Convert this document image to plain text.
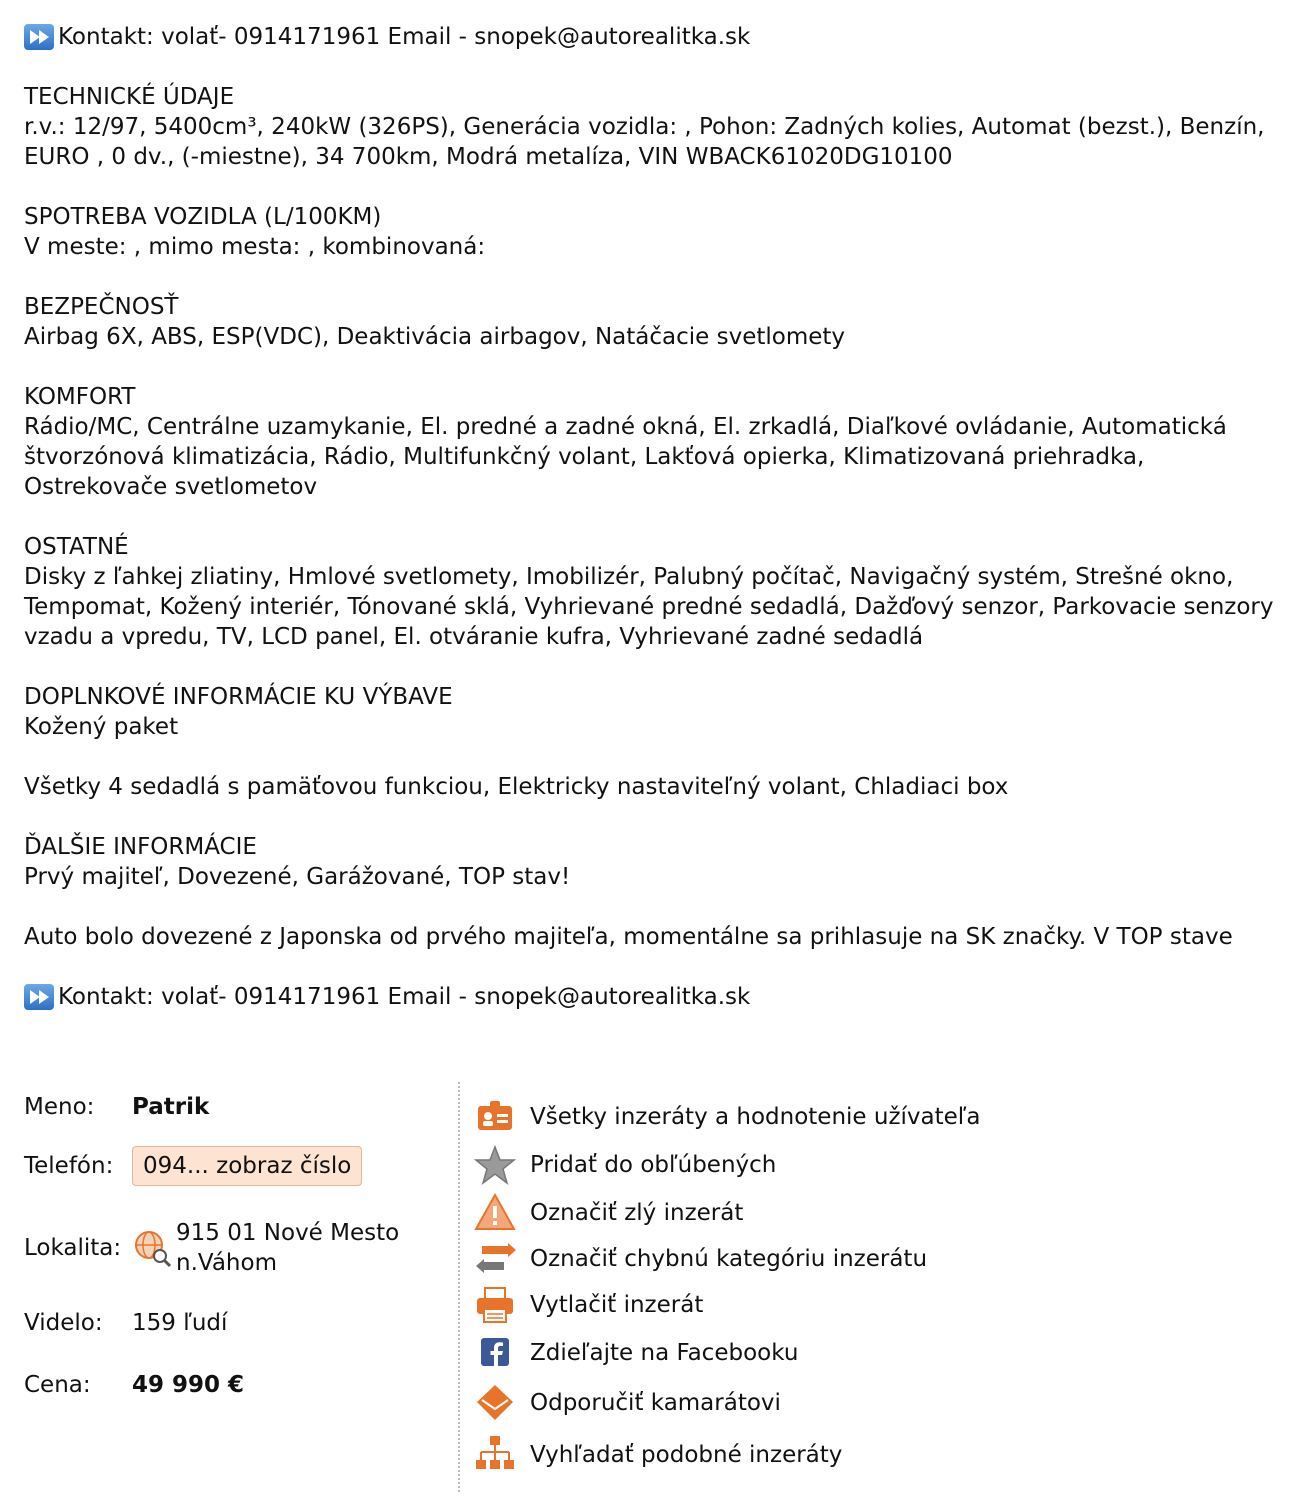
Kontakt: volať- 0914171961 Email - snopek@autorealitka.sk

TECHNICKÉ ÚDAJE

r.v.: 12/97, 5400cm³, 240kW (326PS), Generácia vozidla: , Pohon: Zadných kolies, Automat (bezst.), Benzín, EURO , 0 dv., (-miestne), 34 700km, Modrá metalíza, VIN WBACK61020DG10100

SPOTREBA VOZIDLA (L/100KM)

V meste: , mimo mesta: , kombinovaná:

BEZPEČNOSŤ

Airbag 6X, ABS, ESP(VDC), Deaktivácia airbagov, Natáčacie svetlomety

KOMFORT

Rádio/MC, Centrálne uzamykanie, El. predné a zadné okná, El. zrkadlá, Diaľkové ovládanie, Automatická štvorzónová klimatizácia, Rádio, Multifunkčný volant, Lakťová opierka, Klimatizovaná priehradka, Ostrekovače svetlometov

OSTATNÉ

Disky z ľahkej zliatiny, Hmlové svetlomety, Imobilizér, Palubný počítač, Navigačný systém, Strešné okno, Tempomat, Kožený interiér, Tónované sklá, Vyhrievané predné sedadlá, Dažďový senzor, Parkovacie senzory vzadu a vpredu, TV, LCD panel, El. otváranie kufra, Vyhrievané zadné sedadlá

DOPLNKOVÉ INFORMÁCIE KU VÝBAVE

Kožený paket

Všetky 4 sedadlá s pamäťovou funkciou, Elektricky nastaviteľný volant, Chladiaci box

ĎALŠIE INFORMÁCIE

Prvý majiteľ, Dovezené, Garážované, TOP stav!

Auto bolo dovezené z Japonska od prvého majiteľa, momentálne sa prihlasuje na SK značky. V TOP stave

Kontakt: volať- 0914171961 Email - snopek@autorealitka.sk
Meno:	Patrik
Telefón:	094... zobraz číslo
Lokalita:
915 01 Nové Mesto n.Váhom
Videlo:	159 ľudí
Cena:	49 990 €
Všetky inzeráty a hodnotenie užívateľa
Pridať do obľúbených
Označiť zlý inzerát
Označiť chybnú kategóriu inzerátu
Vytlačiť inzerát
Zdieľajte na Facebooku
Odporučiť kamarátovi
Vyhľadať podobné inzeráty
